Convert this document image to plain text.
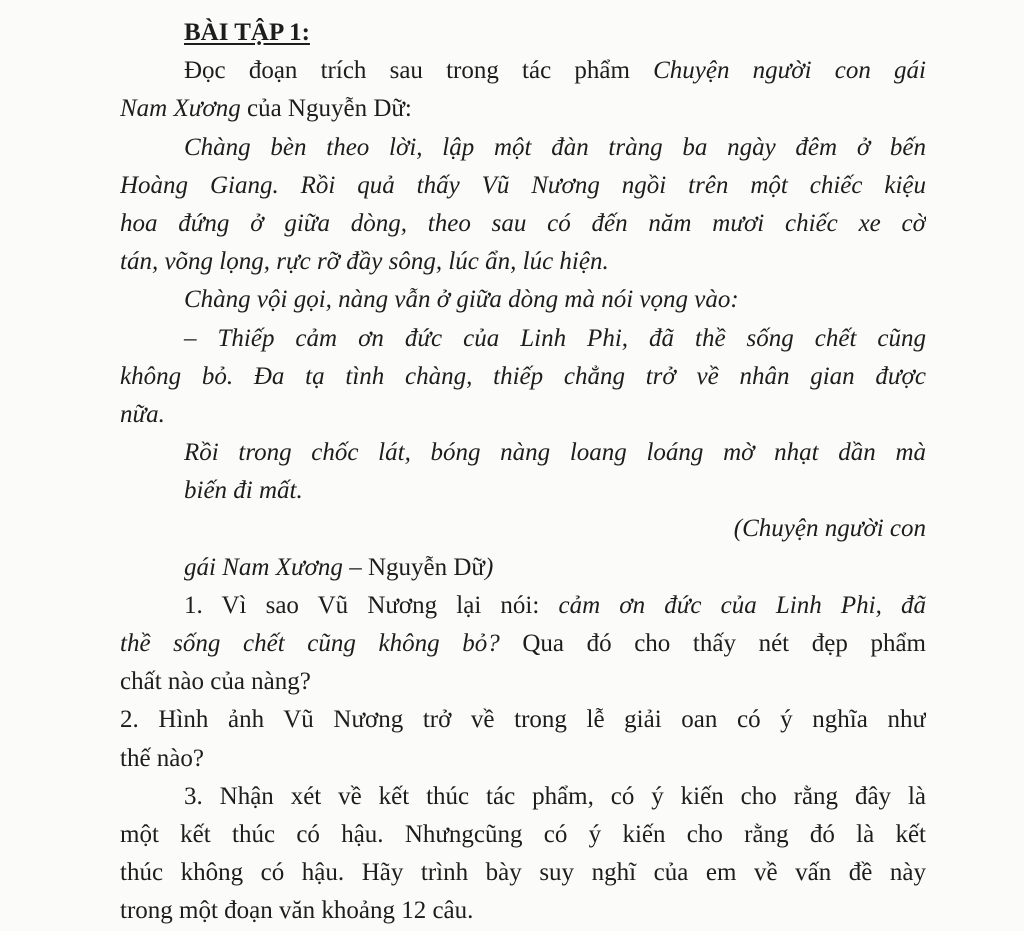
BÀI TẬP 1:
Đọc đoạn trích sau trong tác phẩm Chuyện người con gái
Nam Xương của Nguyễn Dữ:
Chàng bèn theo lời, lập một đàn tràng ba ngày đêm ở bến
Hoàng Giang. Rồi quả thấy Vũ Nương ngồi trên một chiếc kiệu
hoa đứng ở giữa dòng, theo sau có đến năm mươi chiếc xe cờ
tán, võng lọng, rực rỡ đầy sông, lúc ẩn, lúc hiện.
Chàng vội gọi, nàng vẫn ở giữa dòng mà nói vọng vào:
– Thiếp cảm ơn đức của Linh Phi, đã thề sống chết cũng
không bỏ. Đa tạ tình chàng, thiếp chẳng trở về nhân gian được
nữa.
Rồi trong chốc lát, bóng nàng loang loáng mờ nhạt dần mà
biến đi mất.
(Chuyện người con
gái Nam Xương – Nguyễn Dữ)
1. Vì sao Vũ Nương lại nói: cảm ơn đức của Linh Phi, đã
thề sống chết cũng không bỏ? Qua đó cho thấy nét đẹp phẩm
chất nào của nàng?
2. Hình ảnh Vũ Nương trở về trong lễ giải oan có ý nghĩa như
thế nào?
3. Nhận xét về kết thúc tác phẩm, có ý kiến cho rằng đây là
một kết thúc có hậu. Nhưngcũng có ý kiến cho rằng đó là kết
thúc không có hậu. Hãy trình bày suy nghĩ của em về vấn đề này
trong một đoạn văn khoảng 12 câu.
